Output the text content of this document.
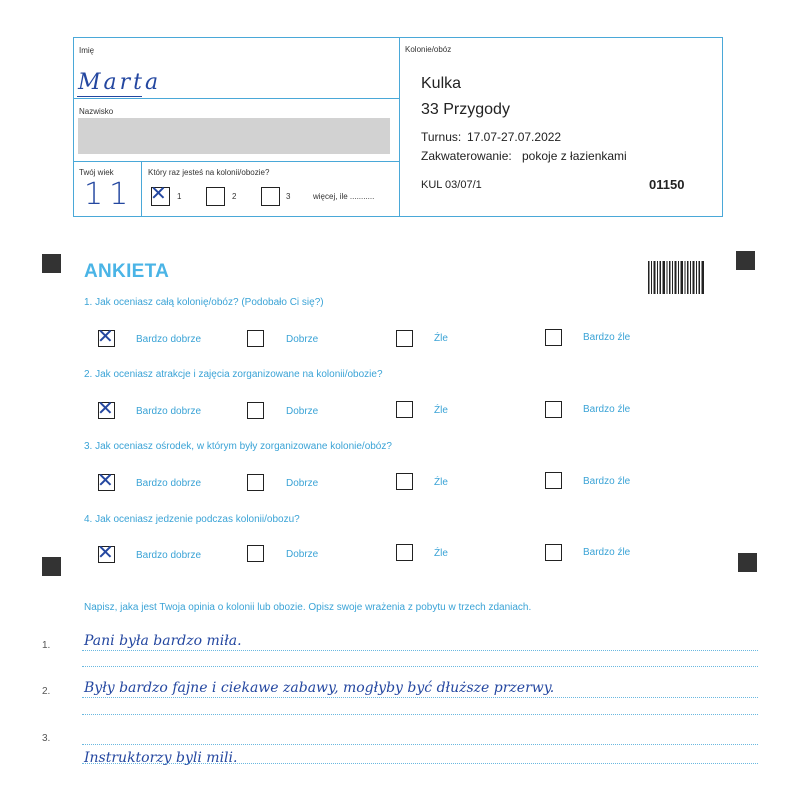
Imię
Marta
Nazwisko
Twój wiek
11
Który raz jesteś na kolonii/obozie?
✕ 1	2	3	więcej, ile ...........
Kolonie/obóz
Kulka
33 Przygody
Turnus: 17.07-27.07.2022
Zakwaterowanie: pokoje z łazienkami
KUL 03/07/1	01150
ANKIETA
1. Jak oceniasz całą kolonię/obóz? (Podobało Ci się?)
✕ Bardzo dobrze	Dobrze	Źle	Bardzo źle
2. Jak oceniasz atrakcje i zajęcia zorganizowane na kolonii/obozie?
✕ Bardzo dobrze	Dobrze	Źle	Bardzo źle
3. Jak oceniasz ośrodek, w którym były zorganizowane kolonie/obóz?
✕ Bardzo dobrze	Dobrze	Źle	Bardzo źle
4. Jak oceniasz jedzenie podczas kolonii/obozu?
✕ Bardzo dobrze	Dobrze	Źle	Bardzo źle
Napisz, jaka jest Twoja opinia o kolonii lub obozie. Opisz swoje wrażenia z pobytu w trzech zdaniach.
1. Pani była bardzo miła.
2. Były bardzo fajne i ciekawe zabawy, mogłyby być dłuższe przerwy.
3.
Instruktorzy byli mili.
